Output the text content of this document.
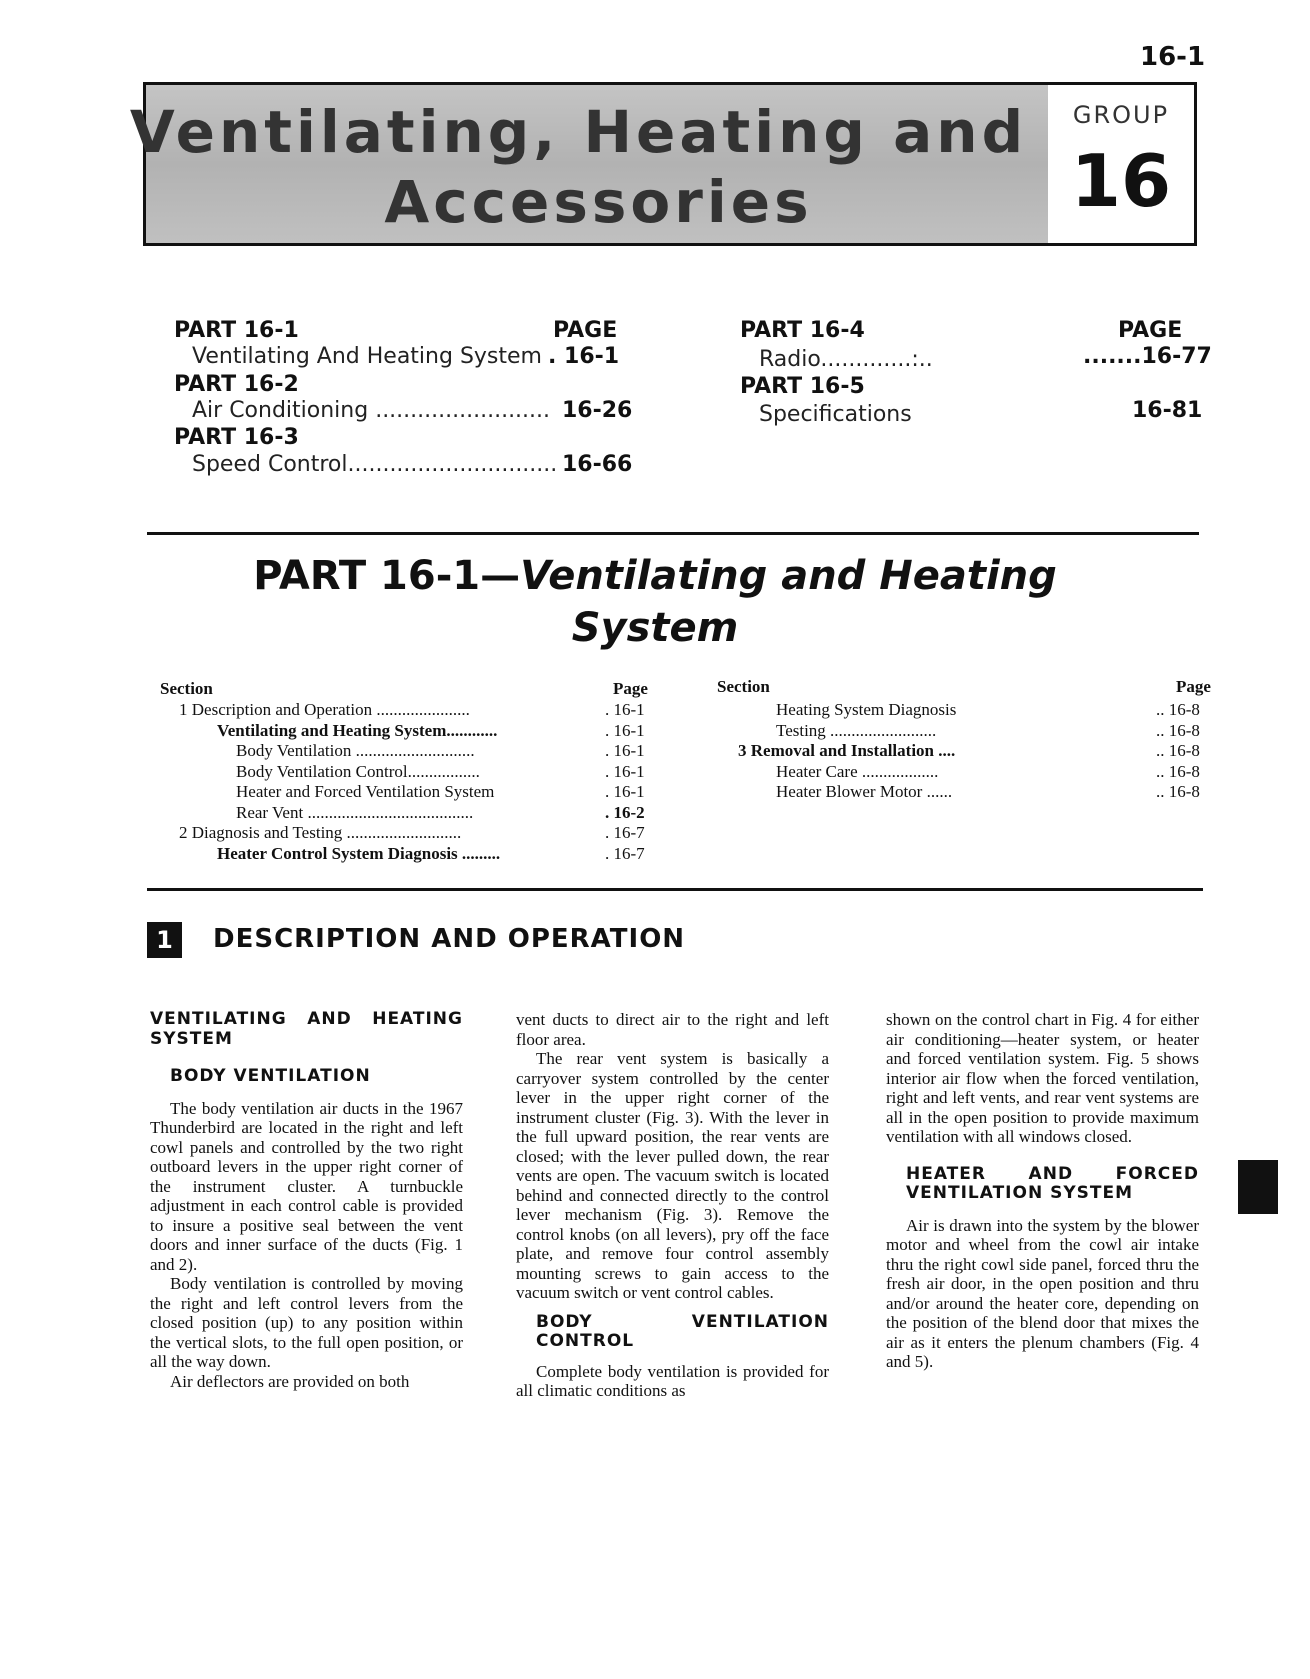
16-1
Ventilating, Heating and
Accessories
GROUP
16
PART 16-1	PAGE
Ventilating And Heating System . 16-1
PART 16-2
Air Conditioning ......................... 16-26
PART 16-3
Speed Control.............................. 16-66
PART 16-4	PAGE
Radio.............:..	.......16-77
PART 16-5
Specifications	16-81
PART 16-1—Ventilating and Heating
System
Section	Page	Section	Page
1 Description and Operation ......................	. 16-1
Ventilating and Heating System............	. 16-1
Body Ventilation ............................	. 16-1
Body Ventilation Control.................	. 16-1
Heater and Forced Ventilation System	. 16-1
Rear Vent .......................................	. 16-2
2 Diagnosis and Testing ...........................	. 16-7
Heater Control System Diagnosis .........	. 16-7
Heating System Diagnosis	.. 16-8
Testing .........................	.. 16-8
3 Removal and Installation ....	.. 16-8
Heater Care ..................	.. 16-8
Heater Blower Motor ......	.. 16-8
1	DESCRIPTION AND OPERATION

VENTILATING AND HEATING SYSTEM

BODY VENTILATION

The body ventilation air ducts in the 1967 Thunderbird are located in the right and left cowl panels and controlled by the two right outboard levers in the upper right corner of the instrument cluster. A turnbuckle adjustment in each control cable is provided to insure a positive seal between the vent doors and inner surface of the ducts (Fig. 1 and 2).

Body ventilation is controlled by moving the right and left control levers from the closed position (up) to any position within the vertical slots, to the full open position, or all the way down.

Air deflectors are provided on both

vent ducts to direct air to the right and left floor area.

The rear vent system is basically a carryover system controlled by the center lever in the upper right corner of the instrument cluster (Fig. 3). With the lever in the full upward position, the rear vents are closed; with the lever pulled down, the rear vents are open. The vacuum switch is located behind and connected directly to the control lever mechanism (Fig. 3). Remove the control knobs (on all levers), pry off the face plate, and remove four control assembly mounting screws to gain access to the vacuum switch or vent control cables.

BODY VENTILATION CONTROL

Complete body ventilation is provided for all climatic conditions as

shown on the control chart in Fig. 4 for either air conditioning—heater system, or heater and forced ventilation system. Fig. 5 shows interior air flow when the forced ventilation, right and left vents, and rear vent systems are all in the open position to provide maximum ventilation with all windows closed.

HEATER AND FORCED VENTILATION SYSTEM

Air is drawn into the system by the blower motor and wheel from the cowl air intake thru the right cowl side panel, forced thru the fresh air door, in the open position and thru and/or around the heater core, depending on the position of the blend door that mixes the air as it enters the plenum chambers (Fig. 4 and 5).
